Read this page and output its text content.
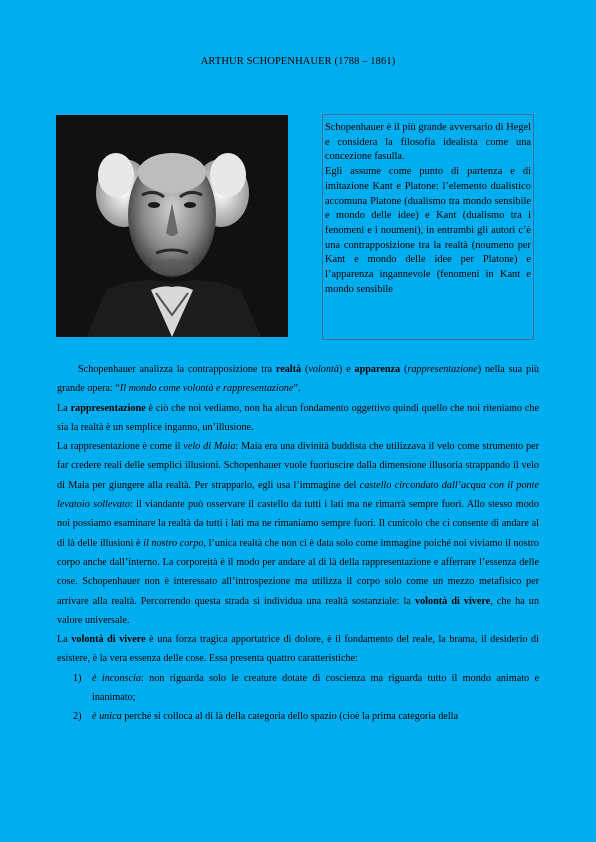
ARTHUR SCHOPENHAUER (1788 – 1861)

Schopenhauer è il più grande avversario di Hegel e considera la filosofia idealista come una concezione fasulla.

Egli assume come punto di partenza e di imitazione Kant e Platone: l’elemento dualistico accomuna Platone (dualismo tra mondo sensibile e mondo delle idee) e Kant (dualismo tra i fenomeni e i noumeni), in entrambi gli autori c’è una contrapposizione tra la realtà (noumeno per Kant e mondo delle idee per Platone) e l’apparenza ingannevole (fenomeni in Kant e mondo sensibile

Schopenhauer analizza la contrapposizione tra realtà (volontà) e apparenza (rappresentazione) nella sua più grande opera: “Il mondo come volontà e rappresentazione”.

La rappresentazione è ciò che noi vediamo, non ha alcun fondamento oggettivo quindi quello che noi riteniamo che sia la realtà è un semplice inganno, un’illusione.

La rappresentazione è come il velo di Maia: Maia era una divinità buddista che utilizzava il velo come strumento per far credere reali delle semplici illusioni. Schopenhauer vuole fuoriuscire dalla dimensione illusoria strappando il velo di Maia per giungere alla realtà. Per strapparlo, egli usa l’immagine del castello circondato dall’acqua con il ponte levatoio sollevato: il viandante può osservare il castello da tutti i lati ma ne rimarrà sempre fuori. Allo stesso modo noi possiamo esaminare la realtà da tutti i lati ma ne rimaniamo sempre fuori. Il cunicolo che ci consente di andare al di là delle illusioni è il nostro corpo, l’unica realtà che non ci è data solo come immagine poiché noi viviamo il nostro corpo anche dall’interno. La corporeità è il modo per andare al di là della rappresentazione e afferrare l’essenza delle cose. Schopenhauer non è interessato all’introspezione ma utilizza il corpo solo come un mezzo metafisico per arrivare alla realtà. Percorrendo questa strada si individua una realtà sostanziale: la volontà di vivere, che ha un valore universale.

La volontà di vivere è una forza tragica apportatrice di dolore, è il fondamento del reale, la brama, il desiderio di esistere, è la vera essenza delle cose. Essa presenta quattro caratteristiche:

1) è inconscia: non riguarda solo le creature dotate di coscienza ma riguarda tutto il mondo animato e inanimato;
2) è unica perché si colloca al di là della categoria dello spazio (cioè la prima categoria della
